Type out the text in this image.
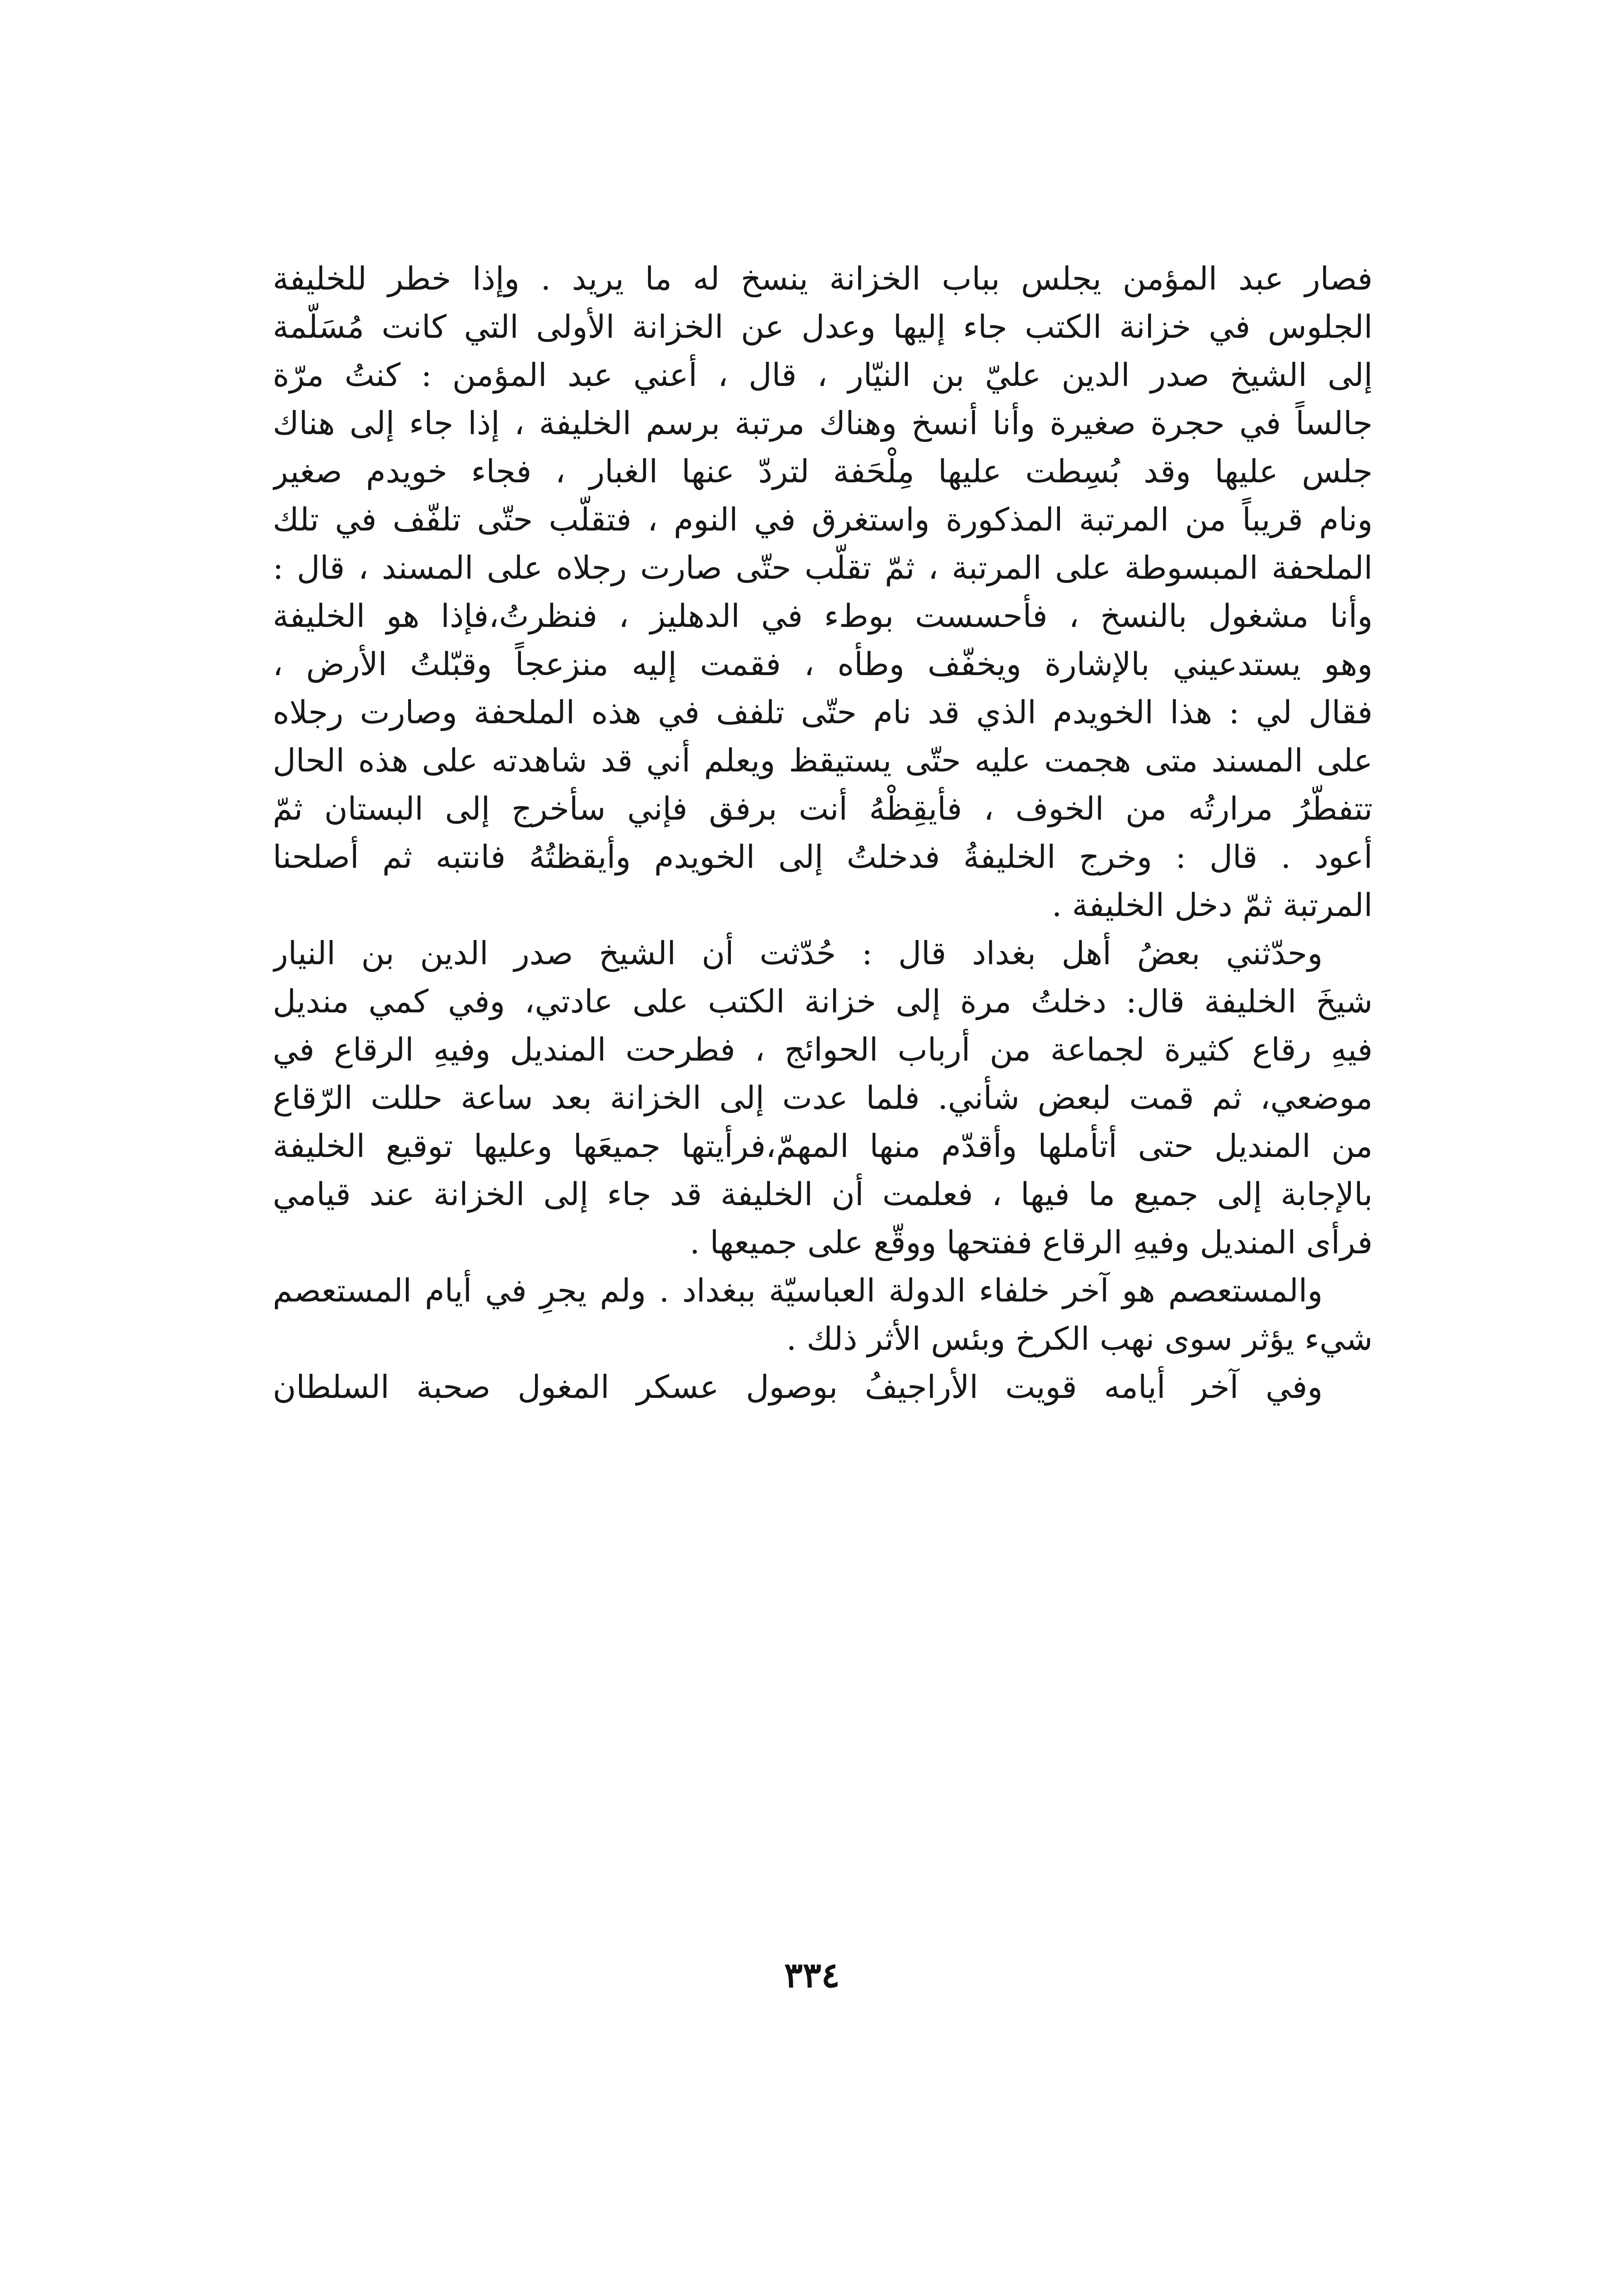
فصار عبد المؤمن يجلس بباب الخزانة ينسخ له ما يريد . وإذا خطر للخليفة
الجلوس في خزانة الكتب جاء إليها وعدل عن الخزانة الأولى التي كانت مُسَلَّمة
إلى الشيخ صدر الدين عليّ بن النيّار ، قال ، أعني عبد المؤمن : كنتُ مرّة
جالساً في حجرة صغيرة وأنا أنسخ وهناك مرتبة برسم الخليفة ، إذا جاء إلى هناك
جلس عليها وقد بُسِطت عليها مِلْحَفة لتردّ عنها الغبار ، فجاء خويدم صغير
ونام قريباً من المرتبة المذكورة واستغرق في النوم ، فتقلّب حتّى تلفّف في تلك
الملحفة المبسوطة على المرتبة ، ثمّ تقلّب حتّى صارت رجلاه على المسند ، قال :
وأنا مشغول بالنسخ ، فأحسست بوطء في الدهليز ، فنظرتُ،فإذا هو الخليفة
وهو يستدعيني بالإشارة ويخفّف وطأه ، فقمت إليه منزعجاً وقبّلتُ الأرض ،
فقال لي : هذا الخويدم الذي قد نام حتّى تلفف في هذه الملحفة وصارت رجلاه
على المسند متى هجمت عليه حتّى يستيقظ ويعلم أني قد شاهدته على هذه الحال
تتفطّرُ مرارتُه من الخوف ، فأيقِظْهُ أنت برفق فإني سأخرج إلى البستان ثمّ
أعود . قال : وخرج الخليفةُ فدخلتُ إلى الخويدم وأيقظتُهُ فانتبه ثم أصلحنا
المرتبة ثمّ دخل الخليفة .
وحدّثني بعضُ أهل بغداد قال : حُدّثت أن الشيخ صدر الدين بن النيار
شيخَ الخليفة قال: دخلتُ مرة إلى خزانة الكتب على عادتي، وفي كمي منديل
فيهِ رقاع كثيرة لجماعة من أرباب الحوائج ، فطرحت المنديل وفيهِ الرقاع في
موضعي، ثم قمت لبعض شأني. فلما عدت إلى الخزانة بعد ساعة حللت الرّقاع
من المنديل حتى أتأملها وأقدّم منها المهمّ،فرأيتها جميعَها وعليها توقيع الخليفة
بالإجابة إلى جميع ما فيها ، فعلمت أن الخليفة قد جاء إلى الخزانة عند قيامي
فرأى المنديل وفيهِ الرقاع ففتحها ووقّع على جميعها .
والمستعصم هو آخر خلفاء الدولة العباسيّة ببغداد . ولم يجرِ في أيام المستعصم
شيء يؤثر سوى نهب الكرخ وبئس الأثر ذلك .
وفي آخر أيامه قويت الأراجيفُ بوصول عسكر المغول صحبة السلطان
٣٣٤
